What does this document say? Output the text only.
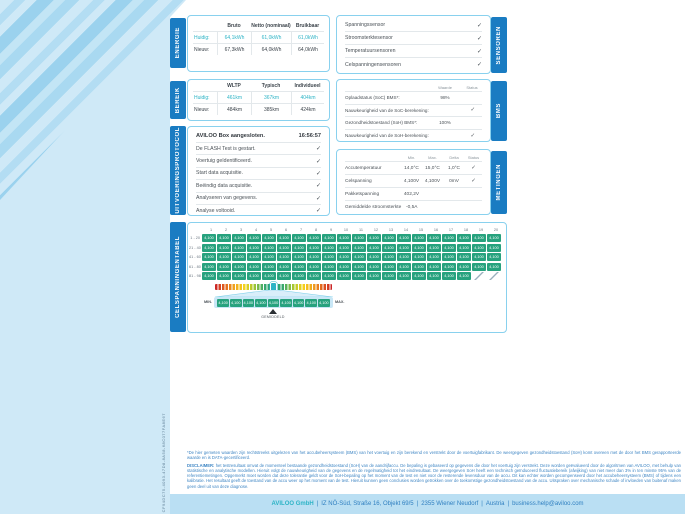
CF94DC75-4093-47D8-8A58-68C077FA8E67
ENERGIE
BEREIK
UITVOERINGSPROTOCOL
CELSPANNINGENTABEL
SENSOREN
BMS
METINGEN
Bruto	Netto (nominaal)	Bruikbaar
Huidig:	64,1kWh	61,0kWh	61,0kWh
Nieuw:	67,3kWh	64,0kWh	64,0kWh
WLTP	Typisch	Individueel
Huidig:	461km	367km	404km
Nieuw:	484km	385km	424km
AVILOO Box aangesloten.	16:56:57
De FLASH Test is gestart.	✓
Voertuig geïdentificeerd.	✓
Start data acquisitie.	✓
Beëindig data acquisitie.	✓
Analyseren van gegevens.	✓
Analyse voltooid.	✓
Spanningssensor	✓
Stroomsterktesensor	✓
Temperatuursensoren	✓
Celspanningensensoren	✓
Waarde	Status
Oplaadstatus (SoC) BMS*:	98%
Nauwkeurigheid van de SoC-berekening:	✓
Gezondheidstoestand (SoH) BMS*:	100%
Nauwkeurigheid van de SoH-berekening:	✓
Min.	Max.	Delta	Status
Accutemperatuur	14,0°C	15,0°C	1,0°C	✓
Celspanning	4,100V	4,100V	0mV	✓
Pakketspanning	402,2V
Gemiddelde stroomsterkte -0,5A
1	2	3	4	5	6	7	8	9	10	11	12	13	14	15	16	17	18	19	20
1 - 20	4,100	4,100	4,100	4,100	4,100	4,100	4,100	4,100	4,100	4,100	4,100	4,100	4,100	4,100	4,100	4,100	4,100	4,100	4,100	4,100
21 - 40 4,100	4,100	4,100	4,100	4,100	4,100	4,100	4,100	4,100	4,100	4,100	4,100	4,100	4,100	4,100	4,100	4,100	4,100	4,100	4,100
41 - 60 4,100	4,100	4,100	4,100	4,100	4,100	4,100	4,100	4,100	4,100	4,100	4,100	4,100	4,100	4,100	4,100	4,100	4,100	4,100	4,100
61 - 80 4,100	4,100	4,100	4,100	4,100	4,100	4,100	4,100	4,100	4,100	4,100	4,100	4,100	4,100	4,100	4,100	4,100	4,100	4,100	4,100
81 - 98 4,100	4,100	4,100	4,100	4,100	4,100	4,100	4,100	4,100	4,100	4,100	4,100	4,100	4,100	4,100	4,100	4,100	4,100
MIN. 4,100 4,100 4,100 4,100 4,100 4,100 4,100 4,100 4,100 MAX.
GEMIDDELD

*De hier gemeten waarden zijn rechtstreeks uitgelezen van het accubeheersysteem (BMS) van het voertuig en zijn berekend en verstrekt door de voertuigfabrikant. De weergegeven gezondheidstoestand (SoH) komt overeen met de door het BMS gerapporteerde waarde en is DATA-gecertificeerd.

DISCLAIMER: het testresultaat omvat de momenteel bestaande gezondheidstoestand (SoH) van de aandrijfaccu. De bepaling is gebaseerd op gegevens die door het voertuig zijn verstrekt. Deze worden geëvalueerd door de algoritmen van AVILOO, met behulp van statistische en analytische modellen. Hieruit volgt de nauwkeurigheid van de gegevens en de regelmatigheid tot het eindresultaat. De weergegeven SoH heeft een technisch geïnduceerd fluctuatiebereik (afwijking) van niet meer dan 3% in ten minste 95% van de referentiemetingen. Opgemerkt moet worden dat deze tolerantie geldt voor de SoH-bepaling op het moment van de test en niet voor de resterende levensduur van de accu. Dit kan echter worden gecompenseerd door het accubeheersysteem (BMS) of tijdens een kalibratie. Het resultaat geeft de toestand van de accu weer op het moment van de test. Hieruit kunnen geen conclusies worden getrokken over de toekomstige gezondheidstoestand van de accu. Uitspraken over mechanische schade of invloeden van buitenaf maken geen deel uit van deze diagnose.

AVILOO GmbH | IZ NÖ-Süd, Straße 16, Objekt 69/5 | 2355 Wiener Neudorf | Austria | business.help@aviloo.com
